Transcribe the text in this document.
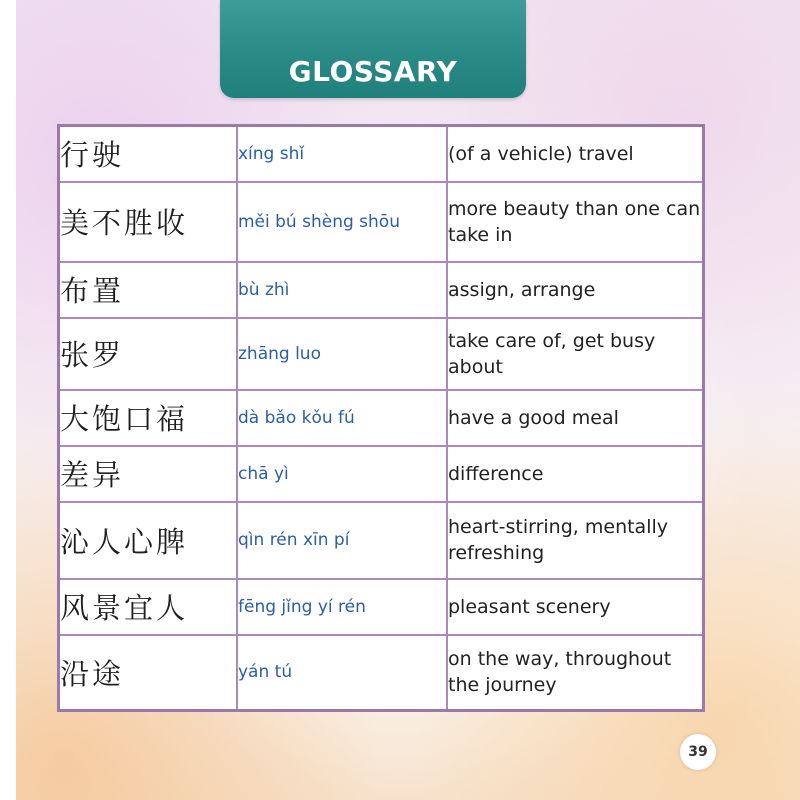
GLOSSARY
行驶	xíng shǐ	(of a vehicle) travel
美不胜收	měi bú shèng shōu	more beauty than one can take in
布置	bù zhì	assign, arrange
张罗	zhāng luo	take care of, get busy about
大饱口福	dà bǎo kǒu fú	have a good meal
差异	chā yì	difference
沁人心脾	qìn rén xīn pí	heart-stirring, mentally refreshing
风景宜人	fēng jǐng yí rén	pleasant scenery
沿途	yán tú	on the way, throughout the journey
39
